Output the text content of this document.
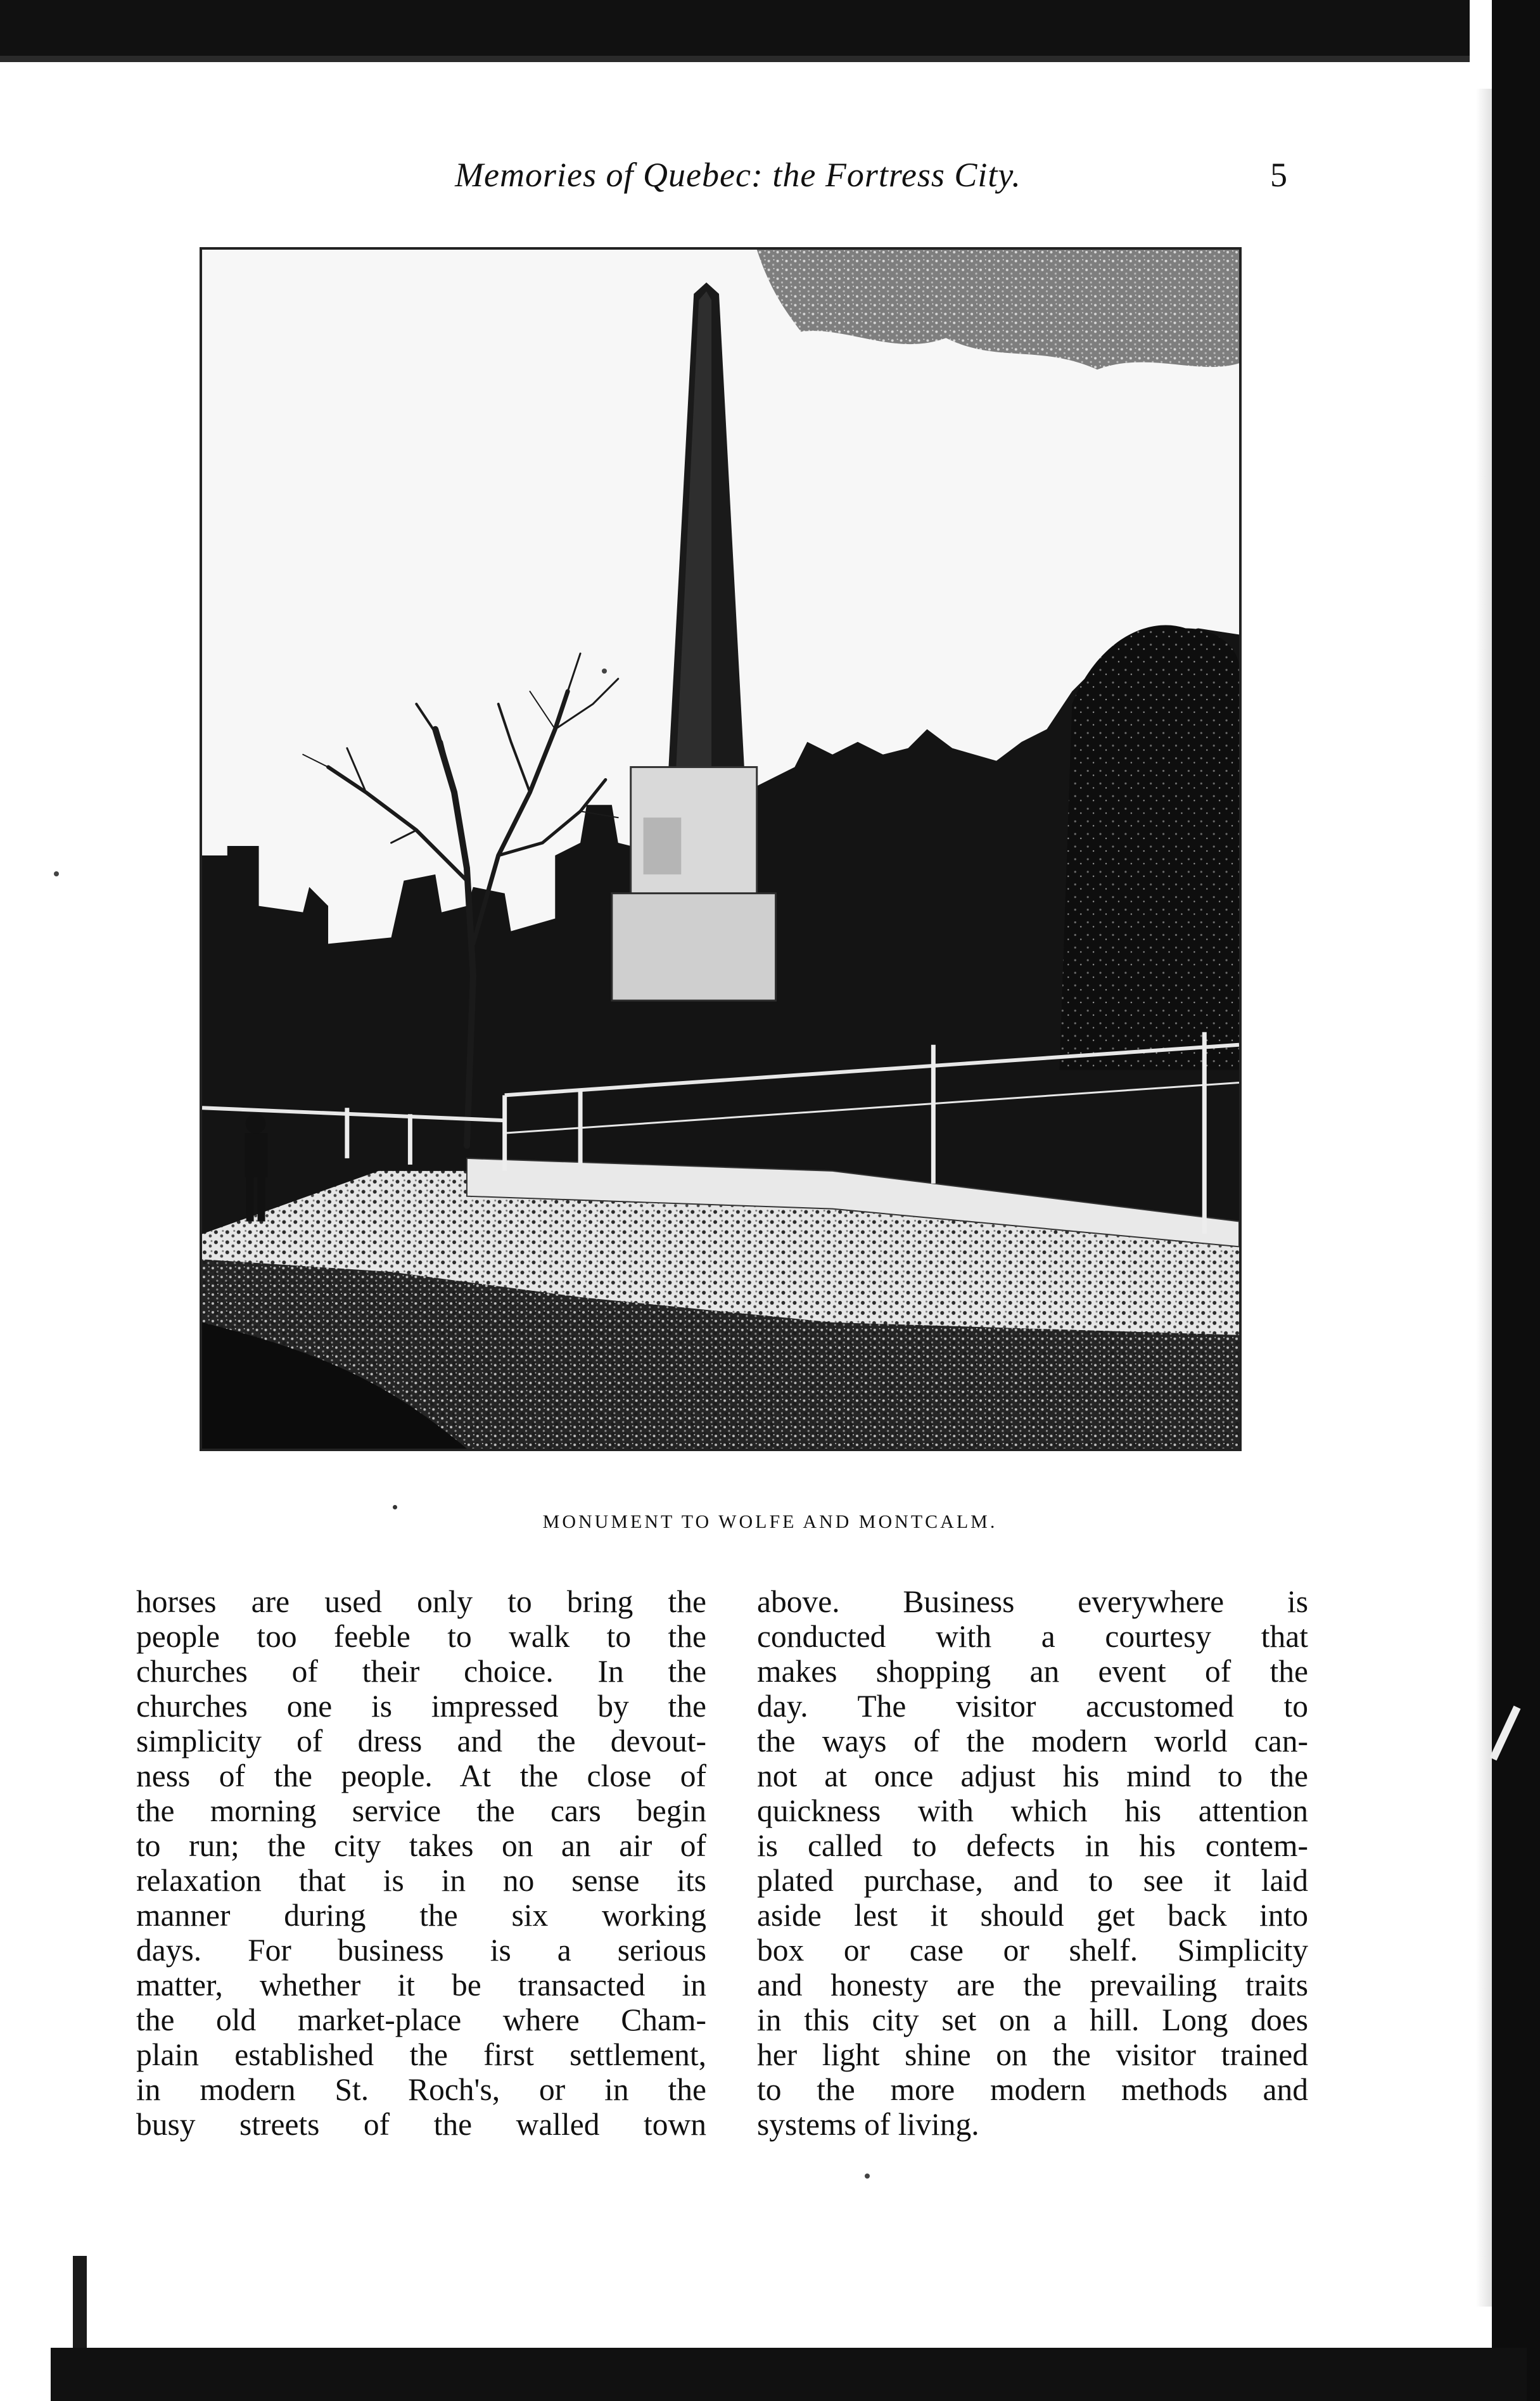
Memories of Quebec: the Fortress City.	5
MONUMENT TO WOLFE AND MONTCALM.
horses are used only to bring the
people too feeble to walk to the
churches of their choice. In the
churches one is impressed by the
simplicity of dress and the devout-
ness of the people. At the close of
the morning service the cars begin
to run; the city takes on an air of
relaxation that is in no sense its
manner during the six working
days. For business is a serious
matter, whether it be transacted in
the old market-place where Cham-
plain established the first settlement,
in modern St. Roch's, or in the
busy streets of the walled town
above. Business everywhere is
conducted with a courtesy that
makes shopping an event of the
day. The visitor accustomed to
the ways of the modern world can-
not at once adjust his mind to the
quickness with which his attention
is called to defects in his contem-
plated purchase, and to see it laid
aside lest it should get back into
box or case or shelf. Simplicity
and honesty are the prevailing traits
in this city set on a hill. Long does
her light shine on the visitor trained
to the more modern methods and
systems of living.
